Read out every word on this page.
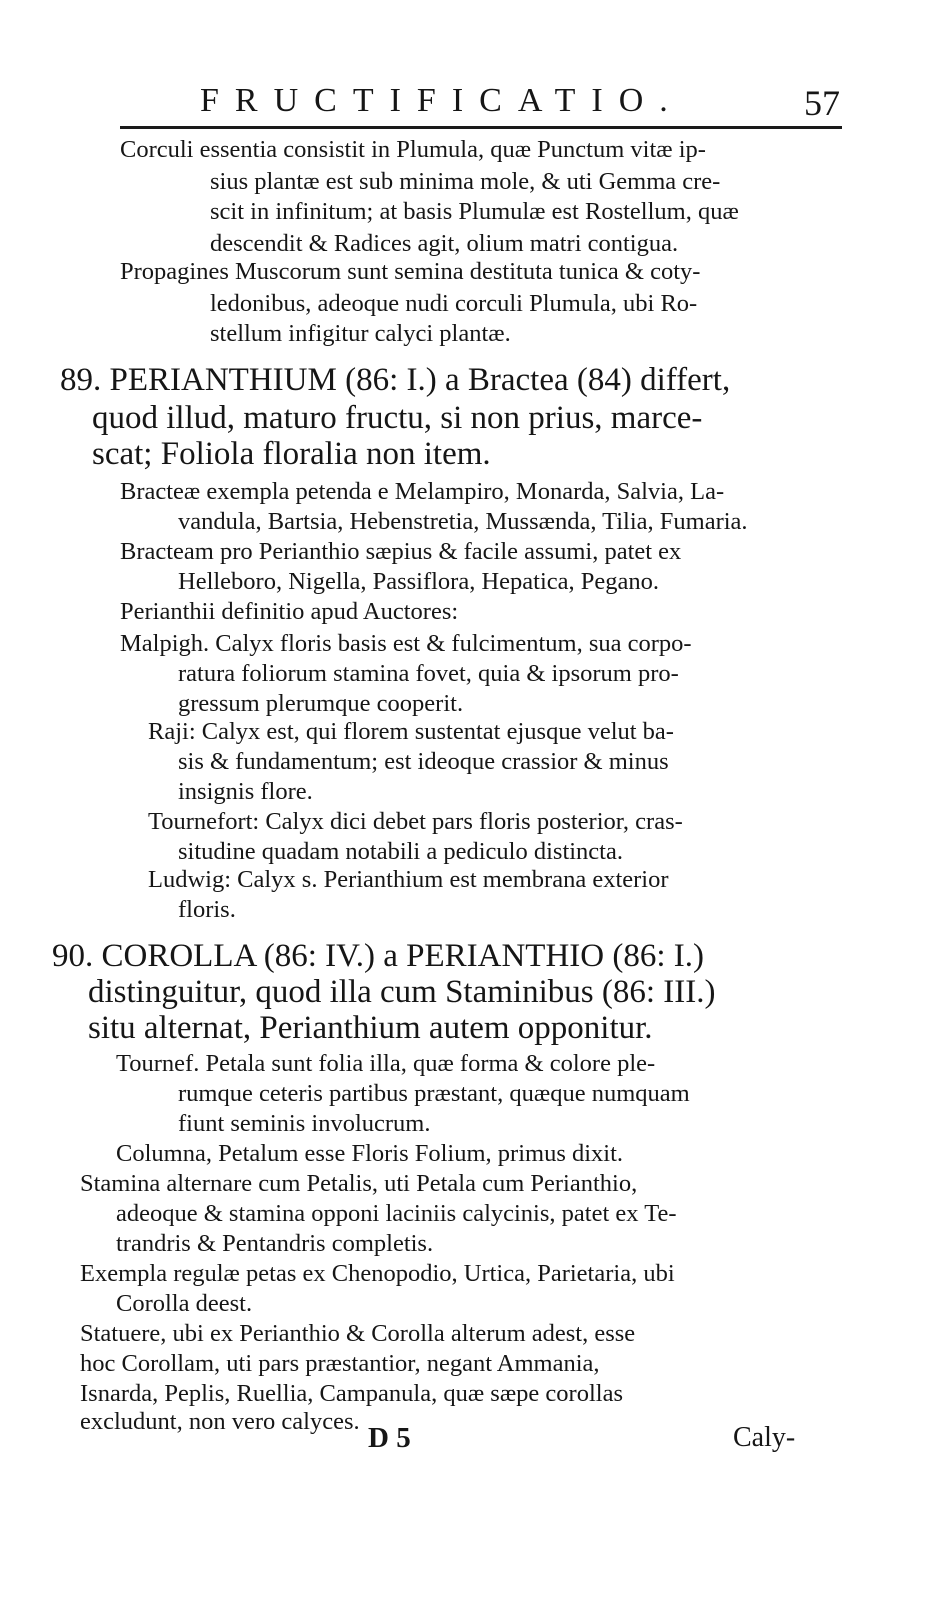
FRUCTIFICATIO.	57
Corculi essentia consistit in Plumula, quæ Punctum vitæ ip-
sius plantæ est sub minima mole, & uti Gemma cre-
scit in infinitum; at basis Plumulæ est Rostellum, quæ
descendit & Radices agit, olium matri contigua.
Propagines Muscorum sunt semina destituta tunica & coty-
ledonibus, adeoque nudi corculi Plumula, ubi Ro-
stellum infigitur calyci plantæ.
89. PERIANTHIUM (86: I.) a Bractea (84) differt,
quod illud, maturo fructu, si non prius, marce-
scat; Foliola floralia non item.
Bracteæ exempla petenda e Melampiro, Monarda, Salvia, La-
vandula, Bartsia, Hebenstretia, Mussænda, Tilia, Fumaria.
Bracteam pro Perianthio sæpius & facile assumi, patet ex
Helleboro, Nigella, Passiflora, Hepatica, Pegano.
Perianthii definitio apud Auctores:
Malpigh. Calyx floris basis est & fulcimentum, sua corpo-
ratura foliorum stamina fovet, quia & ipsorum pro-
gressum plerumque cooperit.
Raji: Calyx est, qui florem sustentat ejusque velut ba-
sis & fundamentum; est ideoque crassior & minus
insignis flore.
Tournefort: Calyx dici debet pars floris posterior, cras-
situdine quadam notabili a pediculo distincta.
Ludwig: Calyx s. Perianthium est membrana exterior
floris.
90. COROLLA (86: IV.) a PERIANTHIO (86: I.)
distinguitur, quod illa cum Staminibus (86: III.)
situ alternat, Perianthium autem opponitur.
Tournef. Petala sunt folia illa, quæ forma & colore ple-
rumque ceteris partibus præstant, quæque numquam
fiunt seminis involucrum.
Columna, Petalum esse Floris Folium, primus dixit.
Stamina alternare cum Petalis, uti Petala cum Perianthio,
adeoque & stamina opponi laciniis calycinis, patet ex Te-
trandris & Pentandris completis.
Exempla regulæ petas ex Chenopodio, Urtica, Parietaria, ubi
Corolla deest.
Statuere, ubi ex Perianthio & Corolla alterum adest, esse
hoc Corollam, uti pars præstantior, negant Ammania,
Isnarda, Peplis, Ruellia, Campanula, quæ sæpe corollas
excludunt, non vero calyces.
D 5	Caly-
